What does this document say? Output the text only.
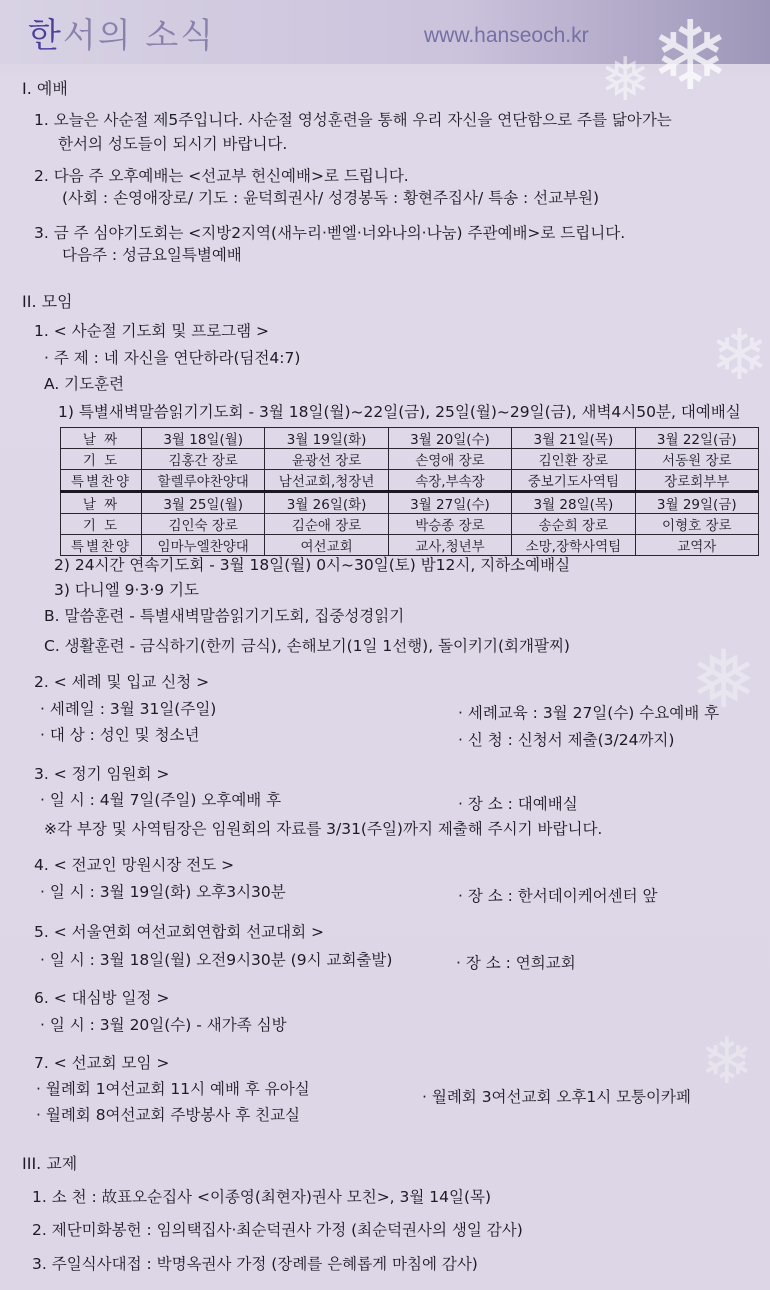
한서의 소식	www.hanseoch.kr ❄
❅
❄
❅
❄
I. 예배
1. 오늘은 사순절 제5주입니다. 사순절 영성훈련을 통해 우리 자신을 연단함으로 주를 닮아가는
한서의 성도들이 되시기 바랍니다.
2. 다음 주 오후예배는 <선교부 헌신예배>로 드립니다.
(사회 : 손영애장로/ 기도 : 윤덕희권사/ 성경봉독 : 황현주집사/ 특송 : 선교부원)
3. 금 주 심야기도회는 <지방2지역(새누리·벧엘·너와나의·나눔) 주관예배>로 드립니다.
다음주 : 성금요일특별예배
II. 모임
1. < 사순절 기도회 및 프로그램 >
· 주 제 : 네 자신을 연단하라(딤전4:7)
A. 기도훈련
1) 특별새벽말씀읽기기도회 - 3월 18일(월)~22일(금), 25일(월)~29일(금), 새벽4시50분, 대예배실
날 짜	3월 18일(월)	3월 19일(화)	3월 20일(수)	3월 21일(목)	3월 22일(금)
기 도	김홍간 장로	윤광선 장로	손영애 장로	김인환 장로	서동원 장로
특별찬양	할렐루야찬양대	남선교회,청장년	속장,부속장	중보기도사역팀	장로회부부
날 짜	3월 25일(월)	3월 26일(화)	3월 27일(수)	3월 28일(목)	3월 29일(금)
기 도	김인숙 장로	김순애 장로	박승종 장로	송순희 장로	이형호 장로
특별찬양	임마누엘찬양대	여선교회	교사,청년부	소망,장학사역팀	교역자
2) 24시간 연속기도회 - 3월 18일(월) 0시~30일(토) 밤12시, 지하소예배실
3) 다니엘 9·3·9 기도
B. 말씀훈련 - 특별새벽말씀읽기기도회, 집중성경읽기
C. 생활훈련 - 금식하기(한끼 금식), 손해보기(1일 1선행), 돌이키기(회개팔찌)
2. < 세례 및 입교 신청 >
· 세례일 : 3월 31일(주일)	· 세례교육 : 3월 27일(수) 수요예배 후
· 대 상 : 성인 및 청소년	· 신 청 : 신청서 제출(3/24까지)
3. < 정기 임원회 >
· 일 시 : 4월 7일(주일) 오후예배 후	· 장 소 : 대예배실
※각 부장 및 사역팀장은 임원회의 자료를 3/31(주일)까지 제출해 주시기 바랍니다.
4. < 전교인 망원시장 전도 >
· 일 시 : 3월 19일(화) 오후3시30분	· 장 소 : 한서데이케어센터 앞
5. < 서울연회 여선교회연합회 선교대회 >
· 일 시 : 3월 18일(월) 오전9시30분 (9시 교회출발)	· 장 소 : 연희교회
6. < 대심방 일정 >
· 일 시 : 3월 20일(수) - 새가족 심방
7. < 선교회 모임 >
· 월례회 1여선교회 11시 예배 후 유아실	· 월례회 3여선교회 오후1시 모퉁이카페
· 월례회 8여선교회 주방봉사 후 친교실
III. 교제
1. 소 천 : 故표오순집사 <이종영(최현자)권사 모친>, 3월 14일(목)
2. 제단미화봉헌 : 임의택집사·최순덕권사 가정 (최순덕권사의 생일 감사)
3. 주일식사대접 : 박명옥권사 가정 (장례를 은혜롭게 마침에 감사)
